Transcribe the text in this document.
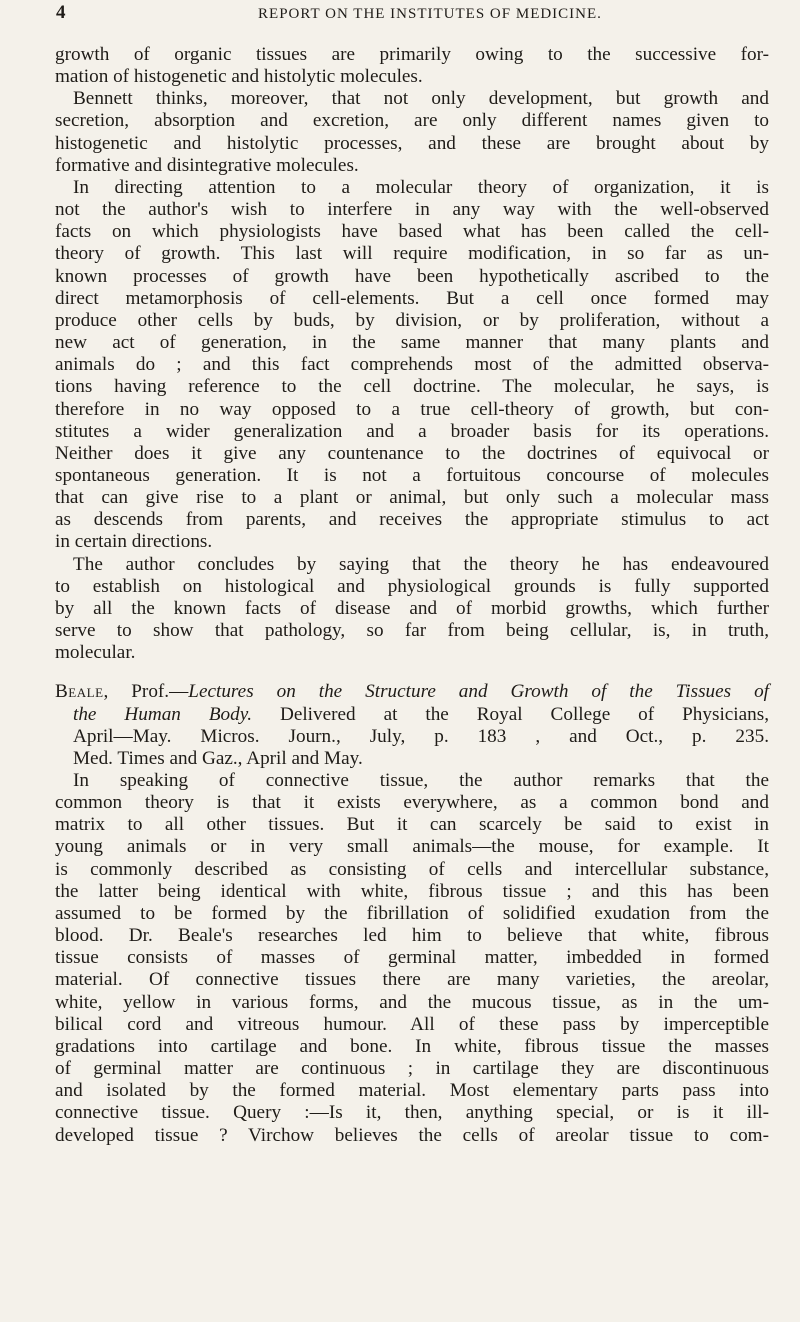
4	REPORT ON THE INSTITUTES OF MEDICINE.
growth of organic tissues are primarily owing to the successive for-
mation of histogenetic and histolytic molecules.
Bennett thinks, moreover, that not only development, but growth and
secretion, absorption and excretion, are only different names given to
histogenetic and histolytic processes, and these are brought about by
formative and disintegrative molecules.
In directing attention to a molecular theory of organization, it is
not the author's wish to interfere in any way with the well-observed
facts on which physiologists have based what has been called the cell-
theory of growth. This last will require modification, in so far as un-
known processes of growth have been hypothetically ascribed to the
direct metamorphosis of cell-elements. But a cell once formed may
produce other cells by buds, by division, or by proliferation, without a
new act of generation, in the same manner that many plants and
animals do ; and this fact comprehends most of the admitted observa-
tions having reference to the cell doctrine. The molecular, he says, is
therefore in no way opposed to a true cell-theory of growth, but con-
stitutes a wider generalization and a broader basis for its operations.
Neither does it give any countenance to the doctrines of equivocal or
spontaneous generation. It is not a fortuitous concourse of molecules
that can give rise to a plant or animal, but only such a molecular mass
as descends from parents, and receives the appropriate stimulus to act
in certain directions.
The author concludes by saying that the theory he has endeavoured
to establish on histological and physiological grounds is fully supported
by all the known facts of disease and of morbid growths, which further
serve to show that pathology, so far from being cellular, is, in truth,
molecular.
Beale, Prof.—Lectures on the Structure and Growth of the Tissues of
the Human Body. Delivered at the Royal College of Physicians,
April—May. Micros. Journ., July, p. 183 , and Oct., p. 235.
Med. Times and Gaz., April and May.
In speaking of connective tissue, the author remarks that the
common theory is that it exists everywhere, as a common bond and
matrix to all other tissues. But it can scarcely be said to exist in
young animals or in very small animals—the mouse, for example. It
is commonly described as consisting of cells and intercellular substance,
the latter being identical with white, fibrous tissue ; and this has been
assumed to be formed by the fibrillation of solidified exudation from the
blood. Dr. Beale's researches led him to believe that white, fibrous
tissue consists of masses of germinal matter, imbedded in formed
material. Of connective tissues there are many varieties, the areolar,
white, yellow in various forms, and the mucous tissue, as in the um-
bilical cord and vitreous humour. All of these pass by imperceptible
gradations into cartilage and bone. In white, fibrous tissue the masses
of germinal matter are continuous ; in cartilage they are discontinuous
and isolated by the formed material. Most elementary parts pass into
connective tissue. Query :—Is it, then, anything special, or is it ill-
developed tissue ? Virchow believes the cells of areolar tissue to com-
